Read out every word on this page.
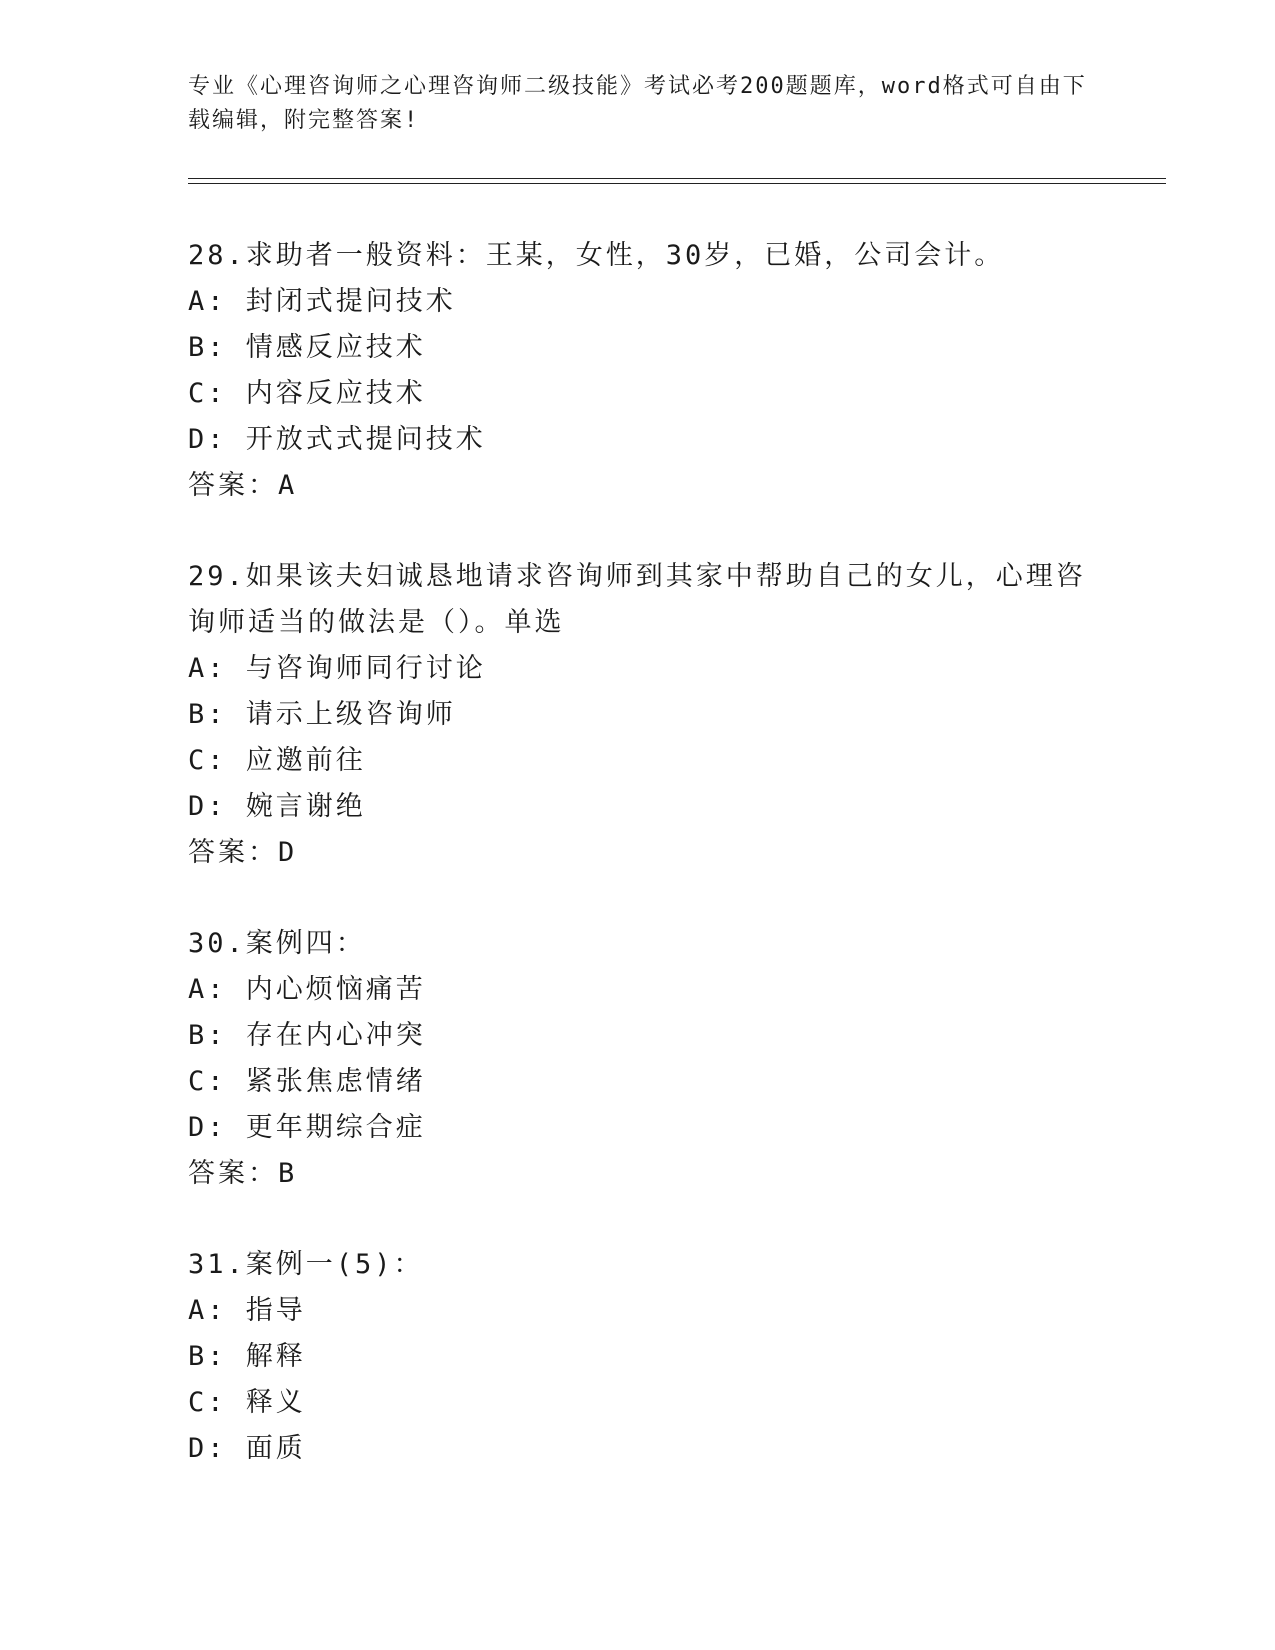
专业《心理咨询师之心理咨询师二级技能》考试必考200题题库，word格式可自由下载编辑，附完整答案!
28.求助者一般资料：王某，女性，30岁，已婚，公司会计。
A: 封闭式提问技术
B: 情感反应技术
C: 内容反应技术
D: 开放式式提问技术
答案：A
29.如果该夫妇诚恳地请求咨询师到其家中帮助自己的女儿，心理咨询师适当的做法是（）。单选
A: 与咨询师同行讨论
B: 请示上级咨询师
C: 应邀前往
D: 婉言谢绝
答案：D
30.案例四：
A: 内心烦恼痛苦
B: 存在内心冲突
C: 紧张焦虑情绪
D: 更年期综合症
答案：B
31.案例一(5)：
A: 指导
B: 解释
C: 释义
D: 面质
